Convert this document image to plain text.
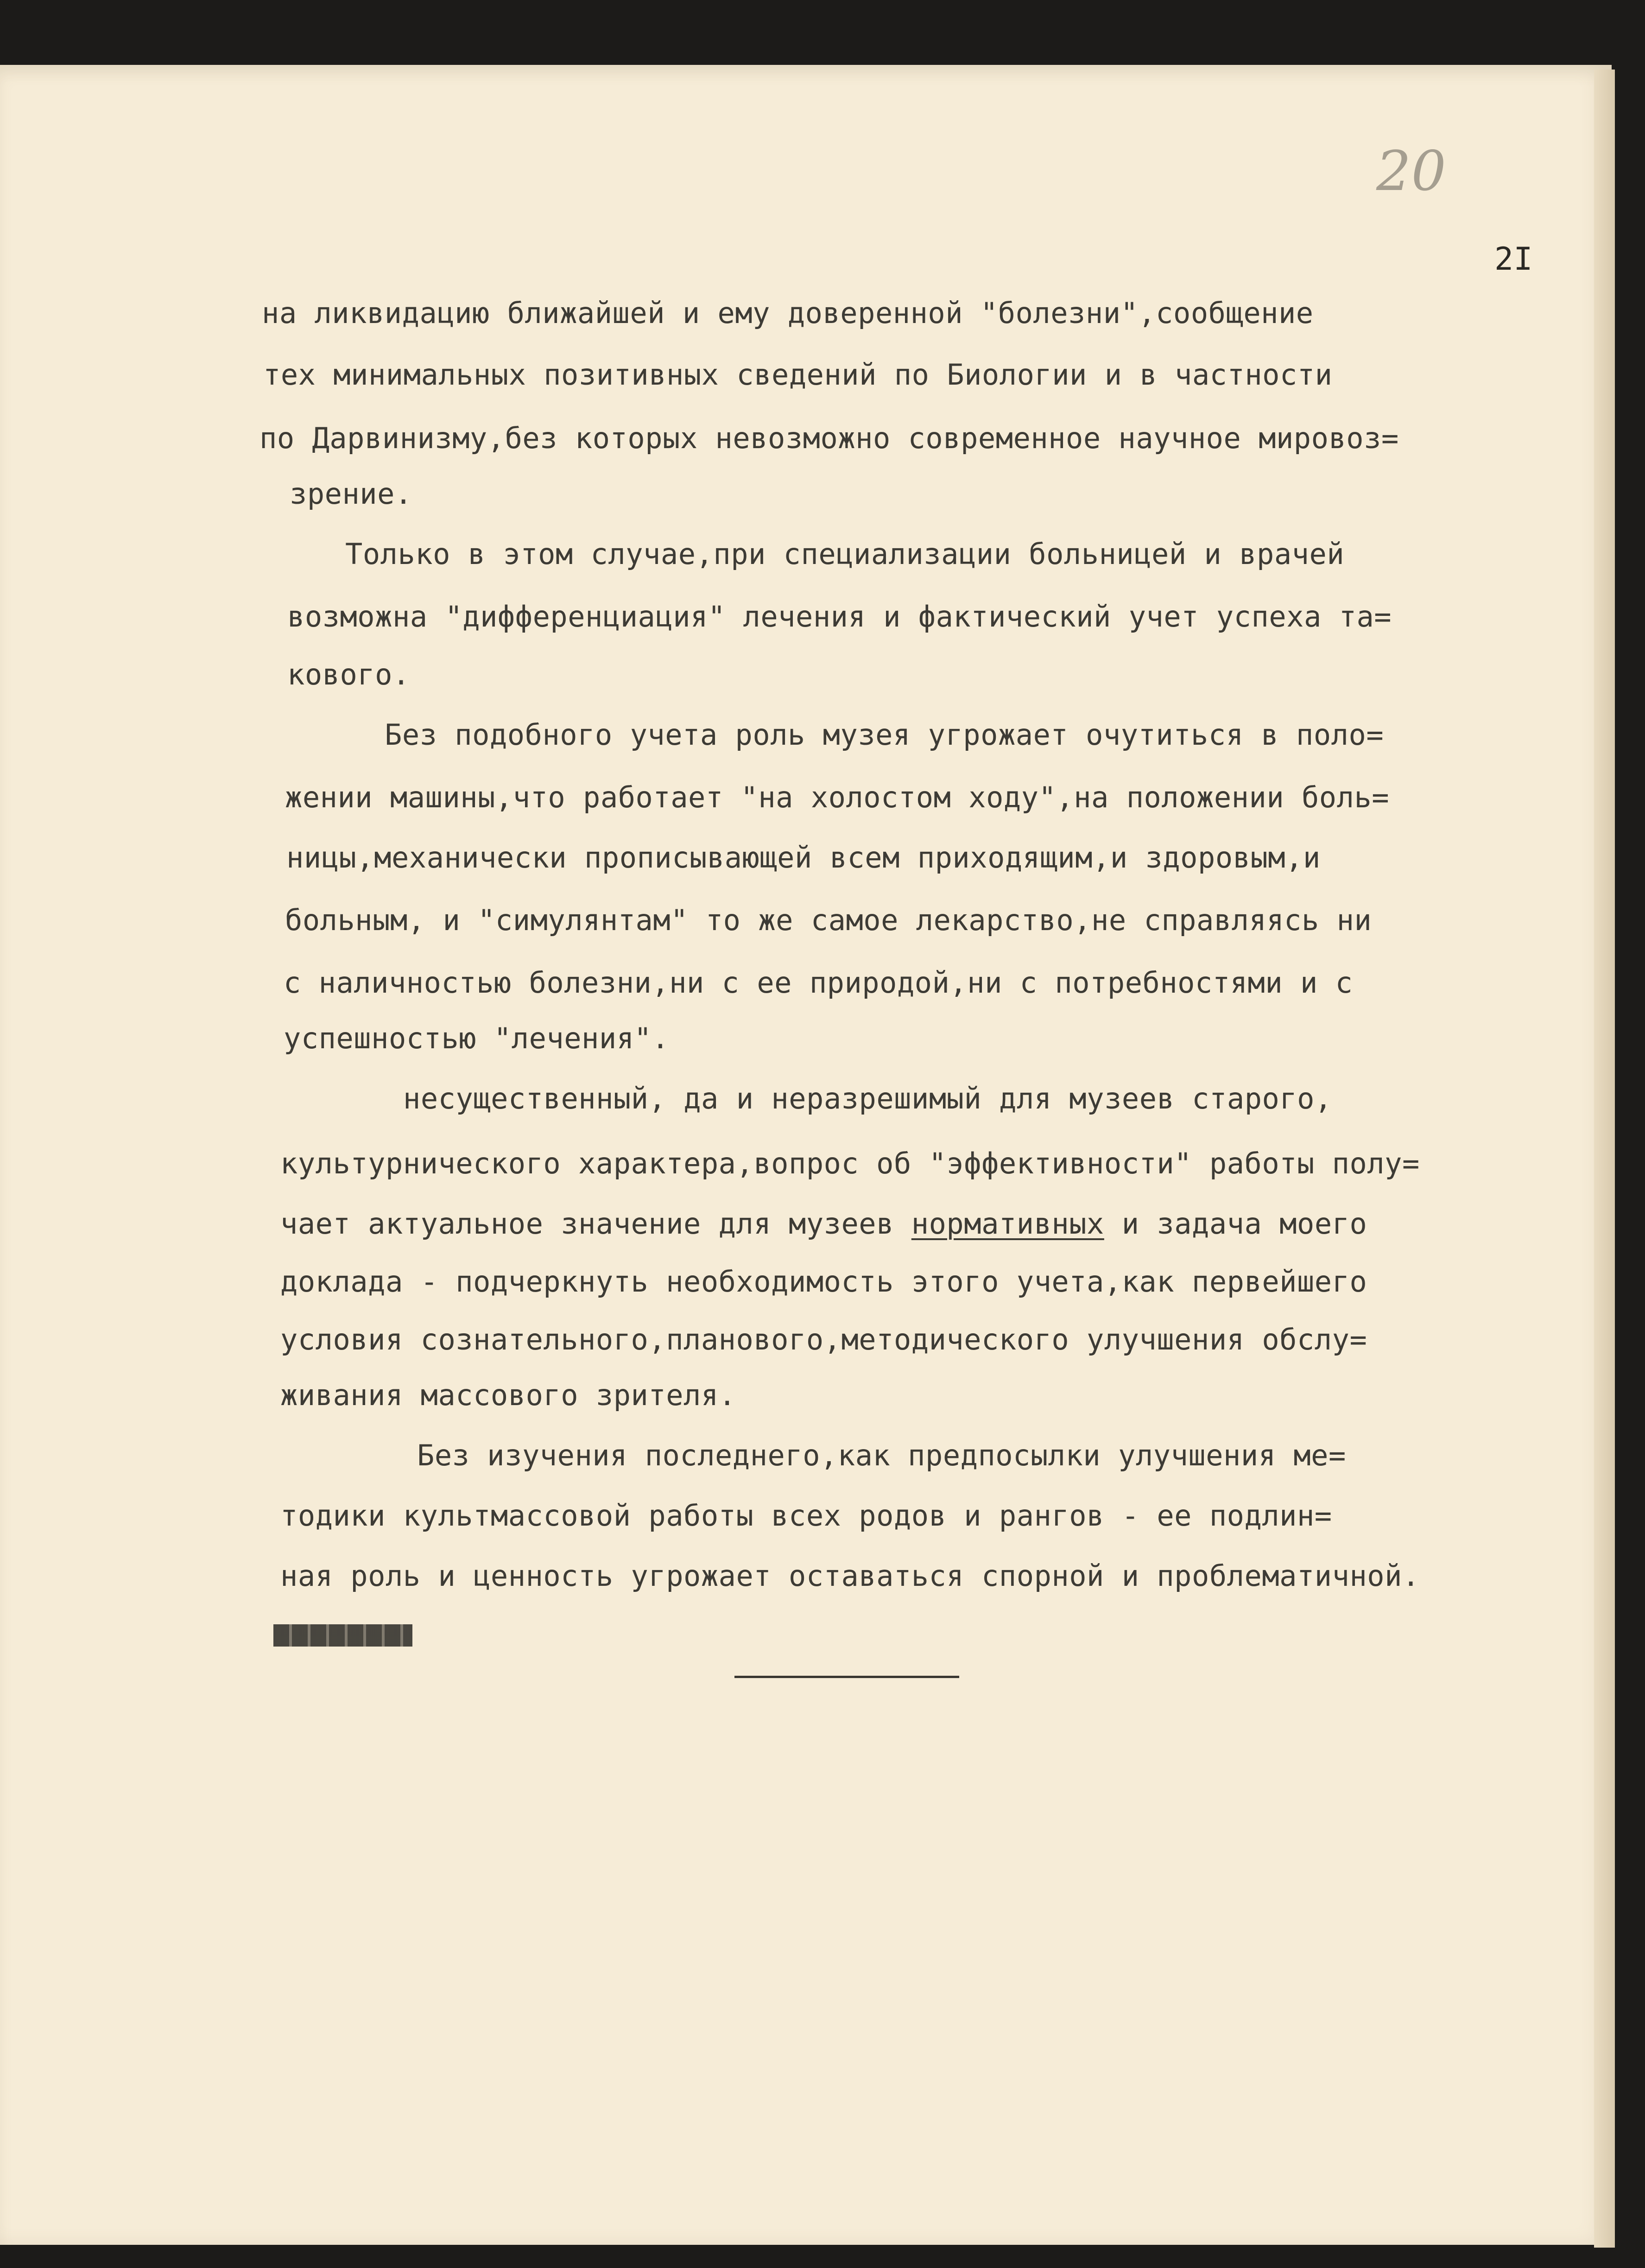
20
2I
на ликвидацию ближайшей и ему доверенной "болезни",сообщение
тех минимальных позитивных сведений по Биологии и в частности
по Дарвинизму,без которых невозможно современное научное мировоз=
зрение.
Только в этом случае,при специализации больницей и врачей
возможна "дифференциация" лечения и фактический учет успеха та=
кового.
Без подобного учета роль музея угрожает очутиться в поло=
жении машины,что работает "на холостом ходу",на положении боль=
ницы,механически прописывающей всем приходящим,и здоровым,и
больным, и "симулянтам" то же самое лекарство,не справляясь ни
с наличностью болезни,ни с ее природой,ни с потребностями и с
успешностью "лечения".
несущественный, да и неразрешимый для музеев старого,
культурнического характера,вопрос об "эффективности" работы полу=
чает актуальное значение для музеев нормативных и задача моего
доклада - подчеркнуть необходимость этого учета,как первейшего
условия сознательного,планового,методического улучшения обслу=
живания массового зрителя.
Без изучения последнего,как предпосылки улучшения ме=
тодики культмассовой работы всех родов и рангов - ее подлин=
ная роль и ценность угрожает оставаться спорной и проблематичной.
